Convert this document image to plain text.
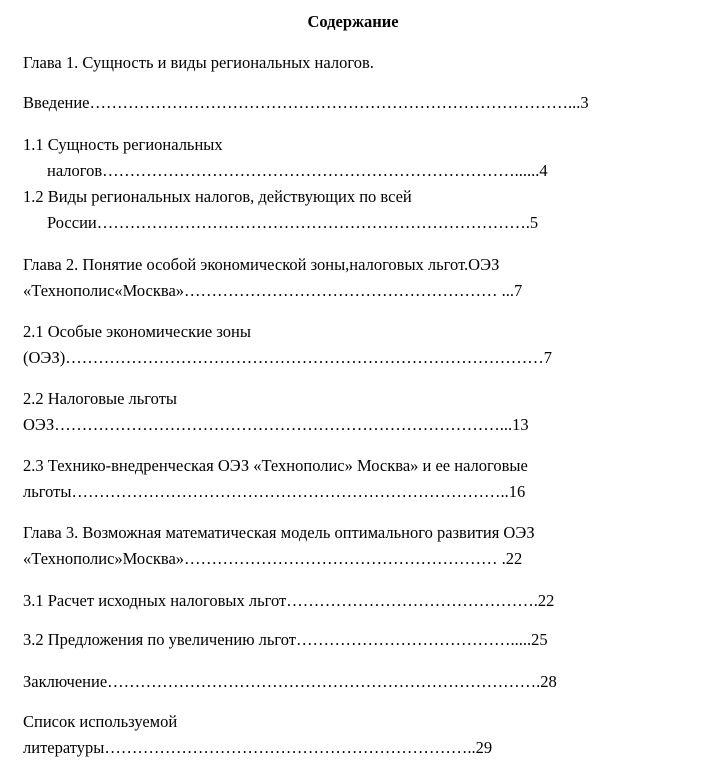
Содержание

Глава 1. Сущность и виды региональных налогов.

Введение……………………………………………………………………………...3

1.1 Сущность региональных

налогов…………………………………………………………………......4

1.2 Виды региональных налогов, действующих по всей

России…………………………………………………………………….5

Глава 2. Понятие особой экономической зоны,налоговых льгот.ОЭЗ

«Технополис«Москва»………………………………………………… ...7

2.1 Особые экономические зоны

(ОЭЗ)……………………………………………………………………………7

2.2 Налоговые льготы

ОЭЗ………………………………………………………………………...13

2.3 Технико-внедренческая ОЭЗ «Технополис» Москва» и ее налоговые

льготы……………………………………………………………………..16

Глава 3. Возможная математическая модель оптимального развития ОЭЗ

«Технополис»Москва»………………………………………………… .22

3.1 Расчет исходных налоговых льгот……………………………………….22

3.2 Предложения по увеличению льгот………………………………….....25

Заключение…………………………………………………………………….28

Список используемой

литературы…………………………………………………………..29
